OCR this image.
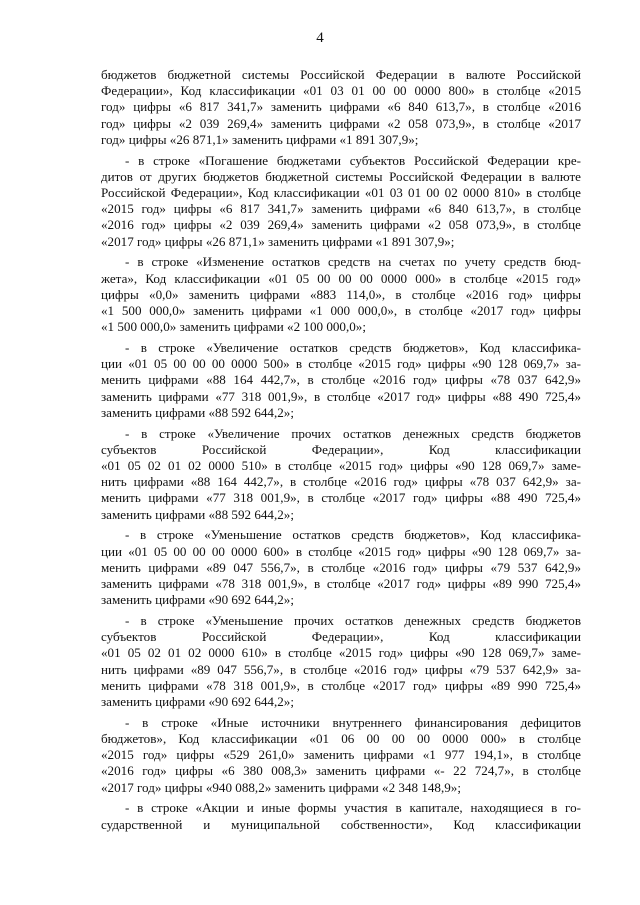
4
бюджетов бюджетной системы Российской Федерации в валюте Российской
Федерации», Код классификации «01 03 01 00 00 0000 800» в столбце «2015
год» цифры «6 817 341,7» заменить цифрами «6 840 613,7», в столбце «2016
год» цифры «2 039 269,4» заменить цифрами «2 058 073,9», в столбце «2017
год» цифры «26 871,1» заменить цифрами «1 891 307,9»;
- в строке «Погашение бюджетами субъектов Российской Федерации кре-
дитов от других бюджетов бюджетной системы Российской Федерации в валюте
Российской Федерации», Код классификации «01 03 01 00 02 0000 810» в столбце
«2015 год» цифры «6 817 341,7» заменить цифрами «6 840 613,7», в столбце
«2016 год» цифры «2 039 269,4» заменить цифрами «2 058 073,9», в столбце
«2017 год» цифры «26 871,1» заменить цифрами «1 891 307,9»;
- в строке «Изменение остатков средств на счетах по учету средств бюд-
жета», Код классификации «01 05 00 00 00 0000 000» в столбце «2015 год»
цифры «0,0» заменить цифрами «883 114,0», в столбце «2016 год» цифры
«1 500 000,0» заменить цифрами «1 000 000,0», в столбце «2017 год» цифры
«1 500 000,0» заменить цифрами «2 100 000,0»;
- в строке «Увеличение остатков средств бюджетов», Код классифика-
ции «01 05 00 00 00 0000 500» в столбце «2015 год» цифры «90 128 069,7» за-
менить цифрами «88 164 442,7», в столбце «2016 год» цифры «78 037 642,9»
заменить цифрами «77 318 001,9», в столбце «2017 год» цифры «88 490 725,4»
заменить цифрами «88 592 644,2»;
- в строке «Увеличение прочих остатков денежных средств бюджетов
субъектов Российской Федерации», Код классификации
«01 05 02 01 02 0000 510» в столбце «2015 год» цифры «90 128 069,7» заме-
нить цифрами «88 164 442,7», в столбце «2016 год» цифры «78 037 642,9» за-
менить цифрами «77 318 001,9», в столбце «2017 год» цифры «88 490 725,4»
заменить цифрами «88 592 644,2»;
- в строке «Уменьшение остатков средств бюджетов», Код классифика-
ции «01 05 00 00 00 0000 600» в столбце «2015 год» цифры «90 128 069,7» за-
менить цифрами «89 047 556,7», в столбце «2016 год» цифры «79 537 642,9»
заменить цифрами «78 318 001,9», в столбце «2017 год» цифры «89 990 725,4»
заменить цифрами «90 692 644,2»;
- в строке «Уменьшение прочих остатков денежных средств бюджетов
субъектов Российской Федерации», Код классификации
«01 05 02 01 02 0000 610» в столбце «2015 год» цифры «90 128 069,7» заме-
нить цифрами «89 047 556,7», в столбце «2016 год» цифры «79 537 642,9» за-
менить цифрами «78 318 001,9», в столбце «2017 год» цифры «89 990 725,4»
заменить цифрами «90 692 644,2»;
- в строке «Иные источники внутреннего финансирования дефицитов
бюджетов», Код классификации «01 06 00 00 00 0000 000» в столбце
«2015 год» цифры «529 261,0» заменить цифрами «1 977 194,1», в столбце
«2016 год» цифры «6 380 008,3» заменить цифрами «- 22 724,7», в столбце
«2017 год» цифры «940 088,2» заменить цифрами «2 348 148,9»;
- в строке «Акции и иные формы участия в капитале, находящиеся в го-
сударственной и муниципальной собственности», Код классификации
